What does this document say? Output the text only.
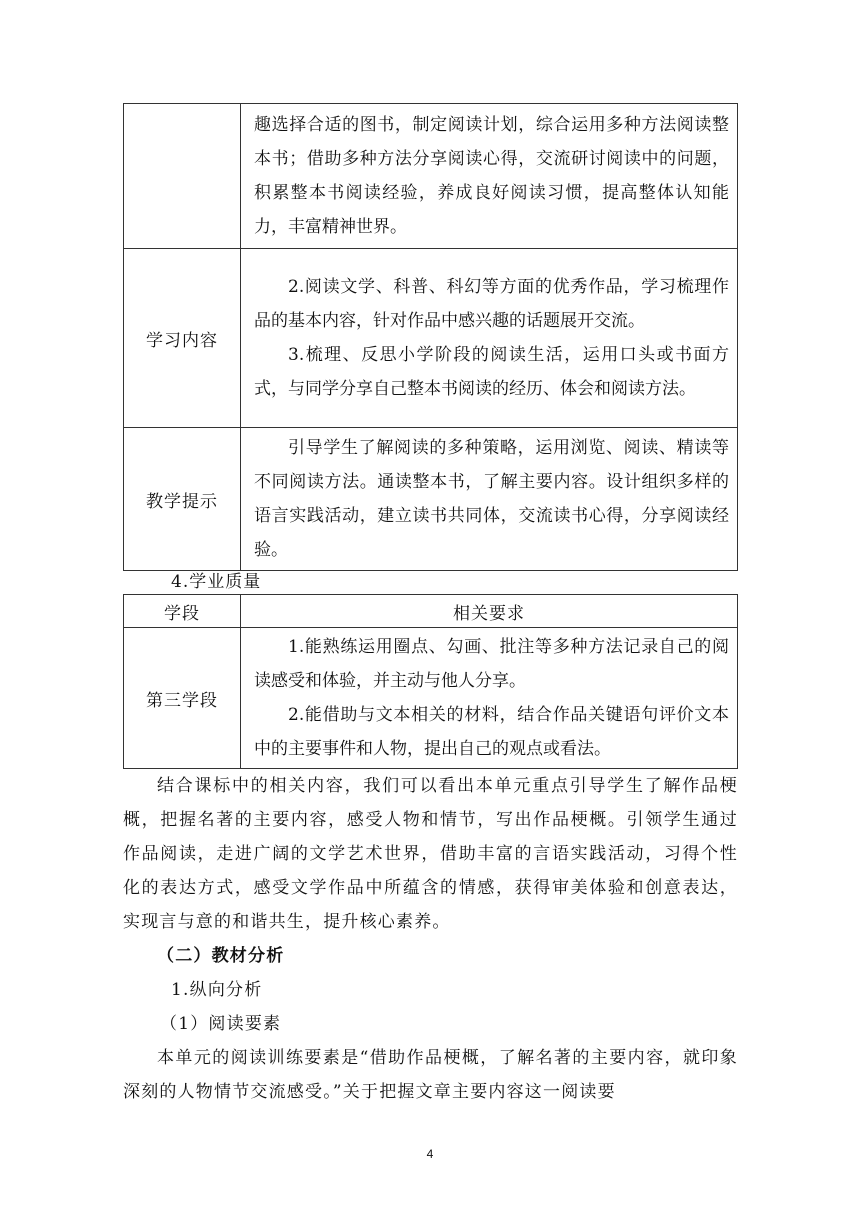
	趣选择合适的图书，制定阅读计划，综合运用多种方法阅读整本书；借助多种方法分享阅读心得，交流研讨阅读中的问题，积累整本书阅读经验，养成良好阅读习惯，提高整体认知能力，丰富精神世界。

学习内容	2.阅读文学、科普、科幻等方面的优秀作品，学习梳理作品的基本内容，针对作品中感兴趣的话题展开交流。

3.梳理、反思小学阶段的阅读生活，运用口头或书面方式，与同学分享自己整本书阅读的经历、体会和阅读方法。

教学提示	引导学生了解阅读的多种策略，运用浏览、阅读、精读等不同阅读方法。通读整本书，了解主要内容。设计组织多样的语言实践活动，建立读书共同体，交流读书心得，分享阅读经验。

4.学业质量
学段	相关要求
第三学段	1.能熟练运用圈点、勾画、批注等多种方法记录自己的阅读感受和体验，并主动与他人分享。

2.能借助与文本相关的材料，结合作品关键语句评价文本中的主要事件和人物，提出自己的观点或看法。

结合课标中的相关内容，我们可以看出本单元重点引导学生了解作品梗概，把握名著的主要内容，感受人物和情节，写出作品梗概。引领学生通过作品阅读，走进广阔的文学艺术世界，借助丰富的言语实践活动，习得个性化的表达方式，感受文学作品中所蕴含的情感，获得审美体验和创意表达，实现言与意的和谐共生，提升核心素养。

（二）教材分析

1.纵向分析

（1）阅读要素

本单元的阅读训练要素是“借助作品梗概，了解名著的主要内容，就印象深刻的人物情节交流感受。”关于把握文章主要内容这一阅读要

4
